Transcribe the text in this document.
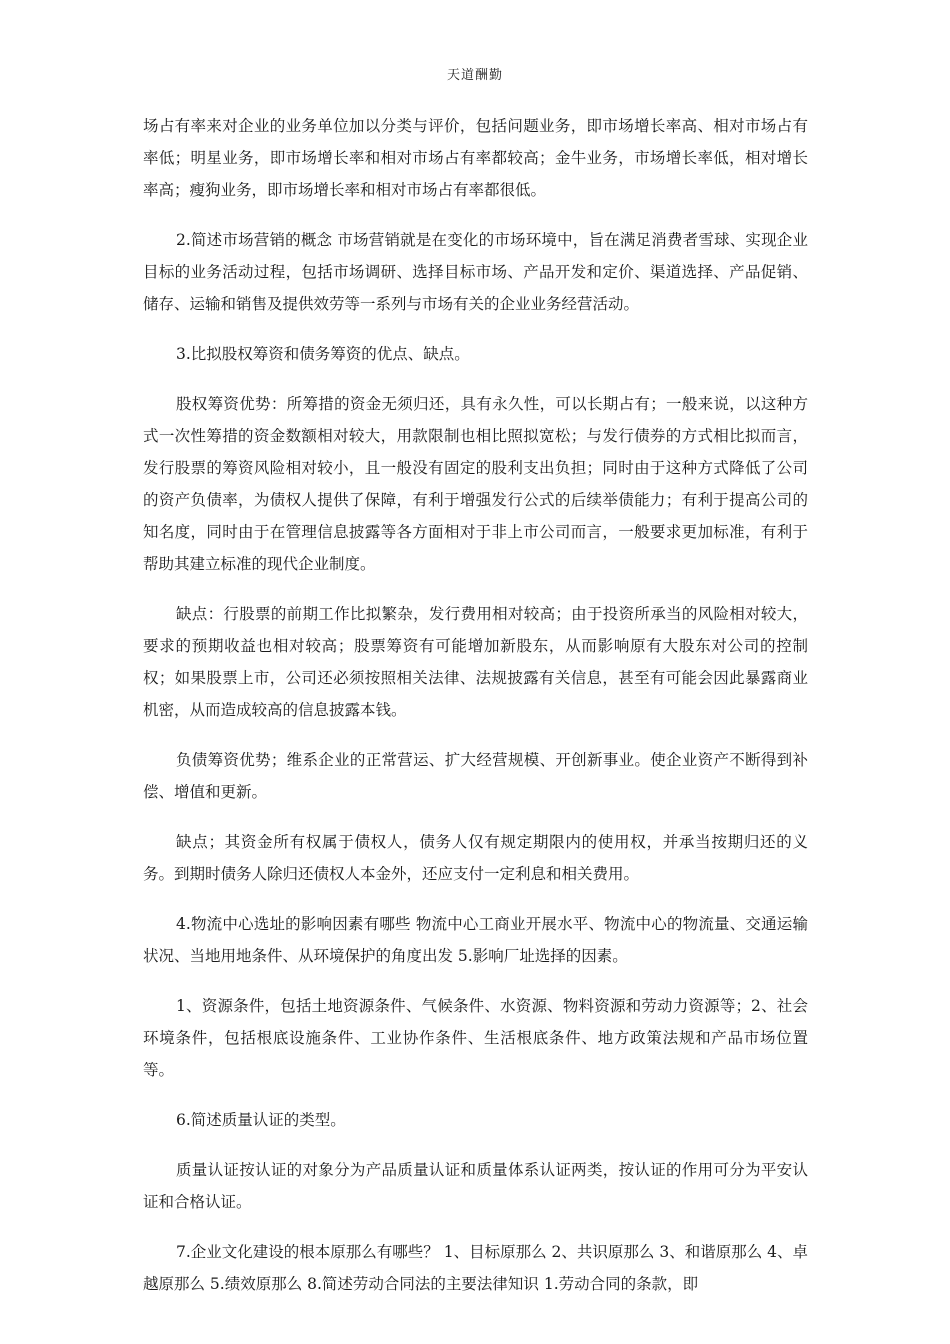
天道酬勤

场占有率来对企业的业务单位加以分类与评价，包括问题业务，即市场增长率高、相对市场占有率低；明星业务，即市场增长率和相对市场占有率都较高；金牛业务，市场增长率低，相对增长率高；瘦狗业务，即市场增长率和相对市场占有率都很低。

2.简述市场营销的概念 市场营销就是在变化的市场环境中，旨在满足消费者雪球、实现企业目标的业务活动过程，包括市场调研、选择目标市场、产品开发和定价、渠道选择、产品促销、储存、运输和销售及提供效劳等一系列与市场有关的企业业务经营活动。

3.比拟股权筹资和债务筹资的优点、缺点。

股权筹资优势：所筹措的资金无须归还，具有永久性，可以长期占有；一般来说，以这种方式一次性筹措的资金数额相对较大，用款限制也相比照拟宽松；与发行债券的方式相比拟而言，发行股票的筹资风险相对较小，且一般没有固定的股利支出负担；同时由于这种方式降低了公司的资产负债率，为债权人提供了保障，有利于增强发行公式的后续举债能力；有利于提高公司的知名度，同时由于在管理信息披露等各方面相对于非上市公司而言，一般要求更加标准，有利于帮助其建立标准的现代企业制度。

缺点：行股票的前期工作比拟繁杂，发行费用相对较高；由于投资所承当的风险相对较大，要求的预期收益也相对较高；股票筹资有可能增加新股东，从而影响原有大股东对公司的控制权；如果股票上市，公司还必须按照相关法律、法规披露有关信息，甚至有可能会因此暴露商业机密，从而造成较高的信息披露本钱。

负债筹资优势；维系企业的正常营运、扩大经营规模、开创新事业。使企业资产不断得到补偿、增值和更新。

缺点；其资金所有权属于债权人，债务人仅有规定期限内的使用权，并承当按期归还的义务。到期时债务人除归还债权人本金外，还应支付一定利息和相关费用。

4.物流中心选址的影响因素有哪些 物流中心工商业开展水平、物流中心的物流量、交通运输状况、当地用地条件、从环境保护的角度出发 5.影响厂址选择的因素。

1、资源条件，包括土地资源条件、气候条件、水资源、物料资源和劳动力资源等；2、社会环境条件，包括根底设施条件、工业协作条件、生活根底条件、地方政策法规和产品市场位置等。

6.简述质量认证的类型。

质量认证按认证的对象分为产品质量认证和质量体系认证两类，按认证的作用可分为平安认证和合格认证。

7.企业文化建设的根本原那么有哪些？ 1、目标原那么 2、共识原那么 3、和谐原那么 4、卓越原那么 5.绩效原那么 8.简述劳动合同法的主要法律知识 1.劳动合同的条款，即
